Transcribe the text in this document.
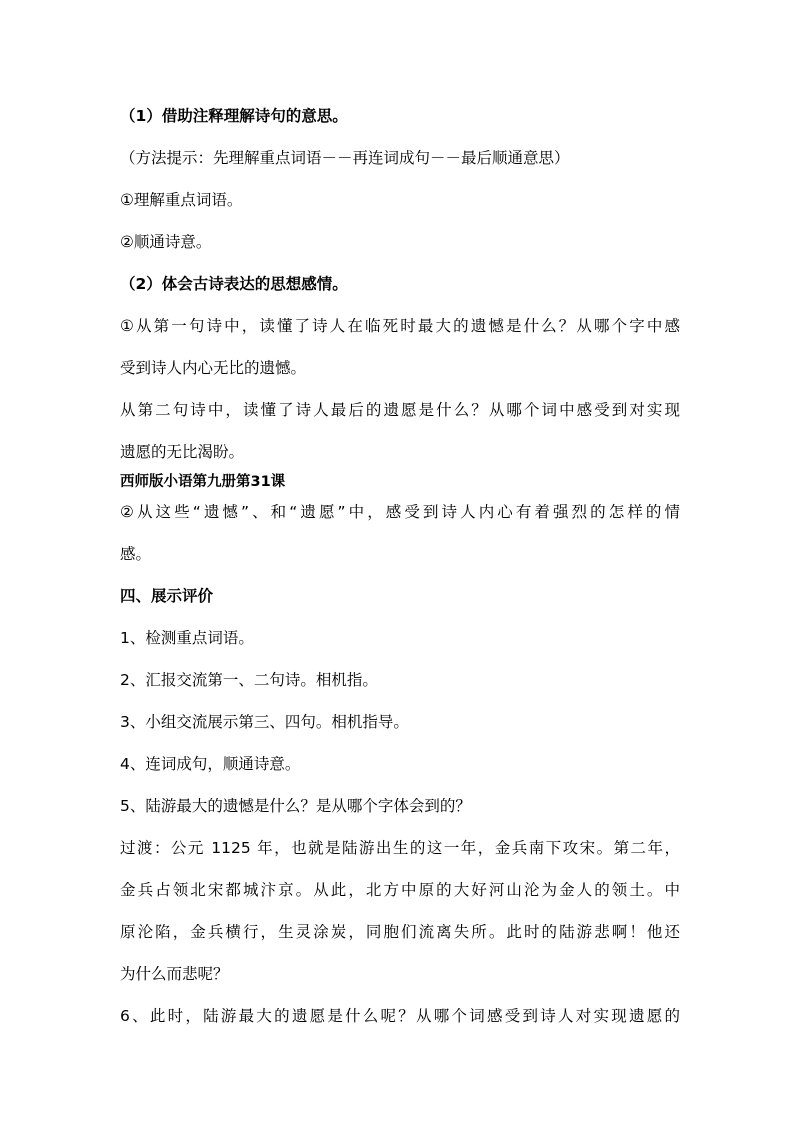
（1）借助注释理解诗句的意思。
（方法提示：先理解重点词语－－再连词成句－－最后顺通意思）
①理解重点词语。
②顺通诗意。
（2）体会古诗表达的思想感情。
①从第一句诗中，读懂了诗人在临死时最大的遗憾是什么？从哪个字中感
受到诗人内心无比的遗憾。
从第二句诗中，读懂了诗人最后的遗愿是什么？从哪个词中感受到对实现
遗愿的无比渴盼。
西师版小语第九册第31课
②从这些“遗憾”、和“遗愿”中，感受到诗人内心有着强烈的怎样的情
感。
四、展示评价
1、检测重点词语。
2、汇报交流第一、二句诗。相机指。
3、小组交流展示第三、四句。相机指导。
4、连词成句，顺通诗意。
5、陆游最大的遗憾是什么？是从哪个字体会到的？
过渡：公元 1125 年，也就是陆游出生的这一年，金兵南下攻宋。第二年，
金兵占领北宋都城汴京。从此，北方中原的大好河山沦为金人的领土。中
原沦陷，金兵横行，生灵涂炭，同胞们流离失所。此时的陆游悲啊！他还
为什么而悲呢？
6、此时，陆游最大的遗愿是什么呢？从哪个词感受到诗人对实现遗愿的
